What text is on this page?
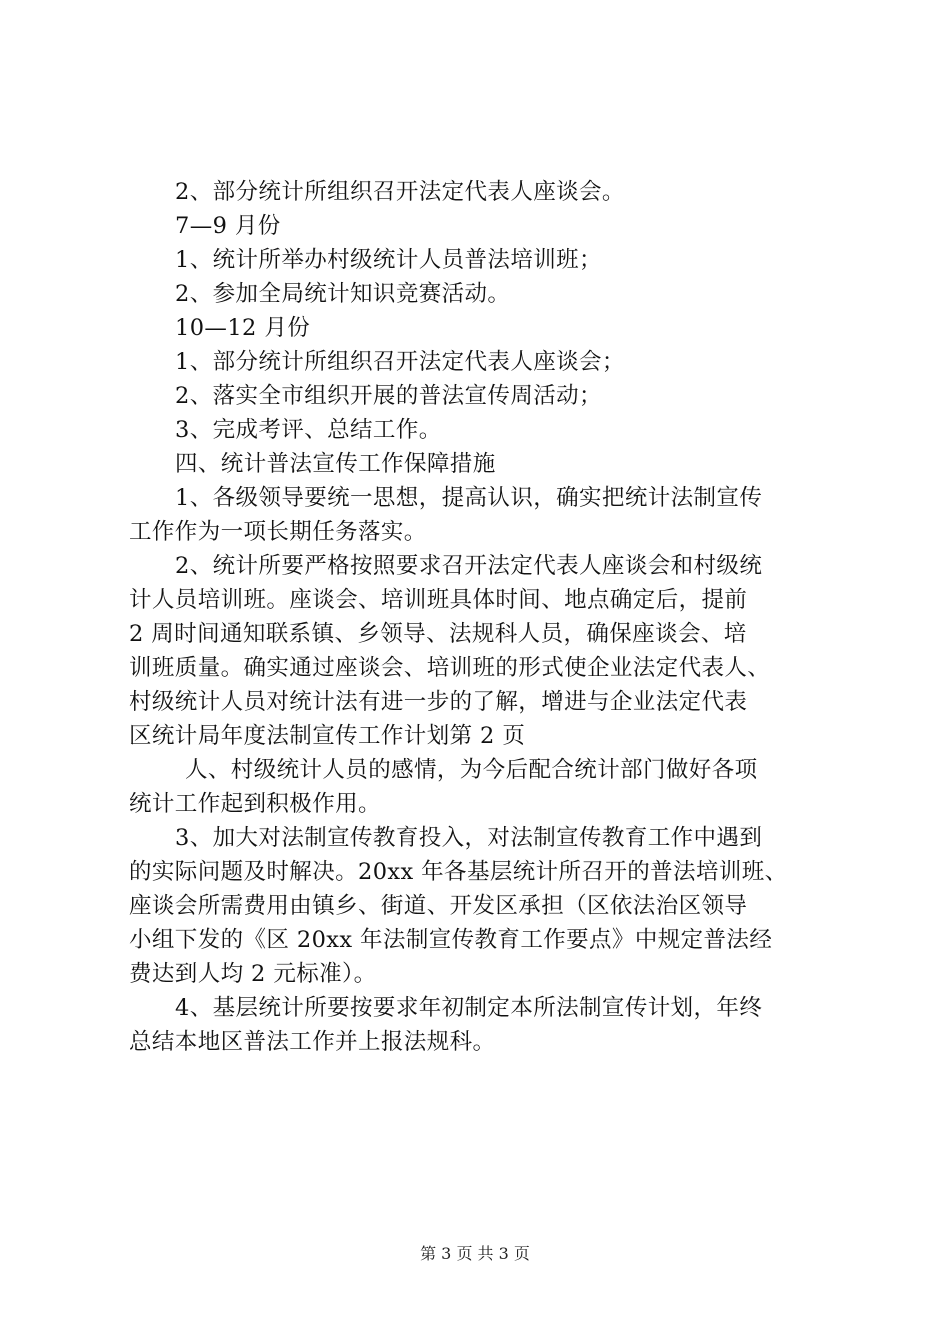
2、部分统计所组织召开法定代表人座谈会。
7—9 月份
1、统计所举办村级统计人员普法培训班；
2、参加全局统计知识竞赛活动。
10—12 月份
1、部分统计所组织召开法定代表人座谈会；
2、落实全市组织开展的普法宣传周活动；
3、完成考评、总结工作。
四、统计普法宣传工作保障措施
1、各级领导要统一思想，提高认识，确实把统计法制宣传
工作作为一项长期任务落实。
2、统计所要严格按照要求召开法定代表人座谈会和村级统
计人员培训班。座谈会、培训班具体时间、地点确定后，提前
2 周时间通知联系镇、乡领导、法规科人员，确保座谈会、培
训班质量。确实通过座谈会、培训班的形式使企业法定代表人、
村级统计人员对统计法有进一步的了解，增进与企业法定代表
区统计局年度法制宣传工作计划第 2 页
人、村级统计人员的感情，为今后配合统计部门做好各项
统计工作起到积极作用。
3、加大对法制宣传教育投入，对法制宣传教育工作中遇到
的实际问题及时解决。20xx 年各基层统计所召开的普法培训班、
座谈会所需费用由镇乡、街道、开发区承担（区依法治区领导
小组下发的《区 20xx 年法制宣传教育工作要点》中规定普法经
费达到人均 2 元标准）。
4、基层统计所要按要求年初制定本所法制宣传计划，年终
总结本地区普法工作并上报法规科。
第 3 页 共 3 页
